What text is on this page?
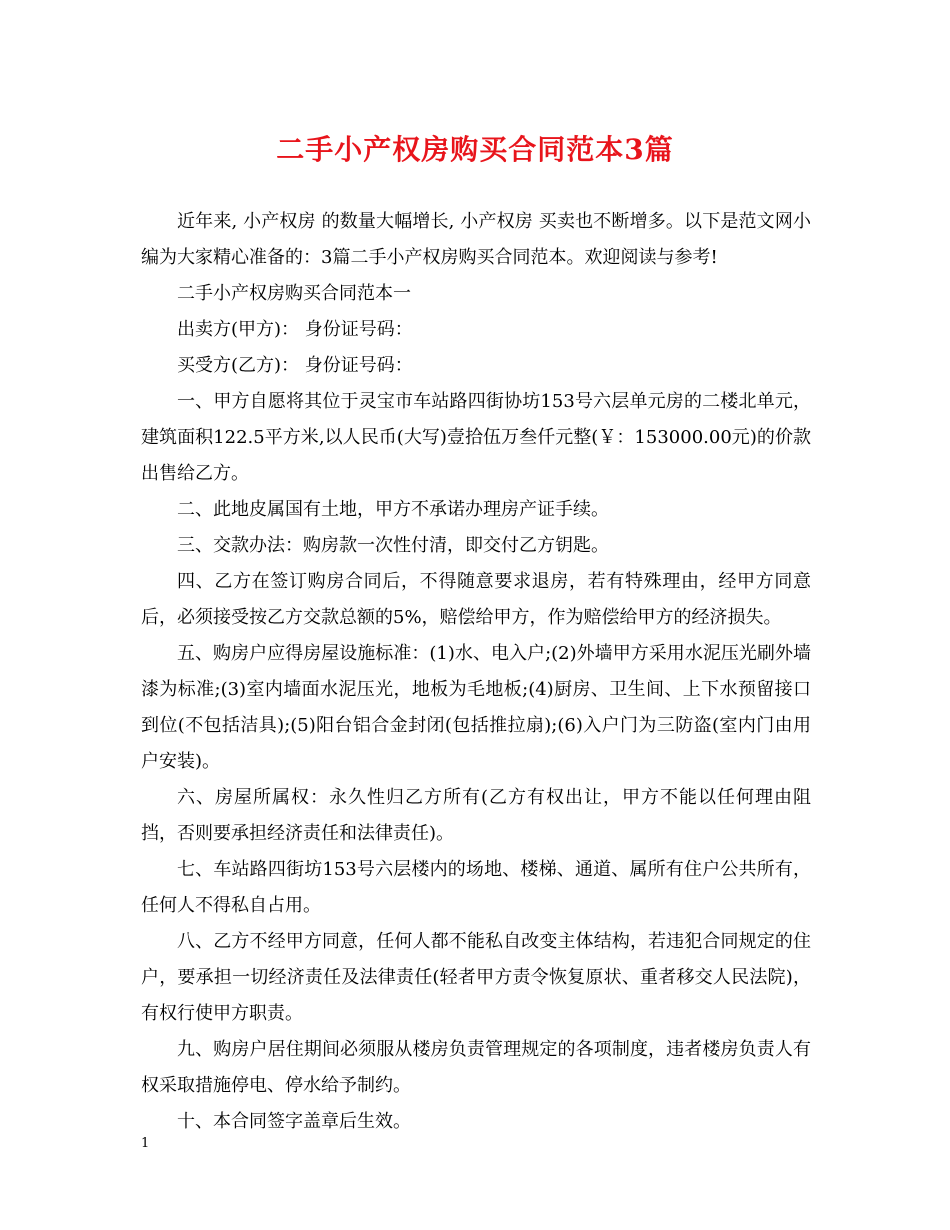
二手小产权房购买合同范本3篇

近年来, 小产权房 的数量大幅增长, 小产权房 买卖也不断增多。以下是范文网小编为大家精心准备的：3篇二手小产权房购买合同范本。欢迎阅读与参考!

二手小产权房购买合同范本一

出卖方(甲方)： 身份证号码：

买受方(乙方)： 身份证号码：

一、甲方自愿将其位于灵宝市车站路四街协坊153号六层单元房的二楼北单元，建筑面积122.5平方米,以人民币(大写)壹拾伍万叁仟元整(￥：153000.00元)的价款出售给乙方。

二、此地皮属国有土地，甲方不承诺办理房产证手续。

三、交款办法：购房款一次性付清，即交付乙方钥匙。

四、乙方在签订购房合同后，不得随意要求退房，若有特殊理由，经甲方同意后，必须接受按乙方交款总额的5%，赔偿给甲方，作为赔偿给甲方的经济损失。

五、购房户应得房屋设施标准：(1)水、电入户;(2)外墙甲方采用水泥压光刷外墙漆为标准;(3)室内墙面水泥压光，地板为毛地板;(4)厨房、卫生间、上下水预留接口到位(不包括洁具);(5)阳台铝合金封闭(包括推拉扇);(6)入户门为三防盗(室内门由用户安装)。

六、房屋所属权：永久性归乙方所有(乙方有权出让，甲方不能以任何理由阻挡，否则要承担经济责任和法律责任)。

七、车站路四街坊153号六层楼内的场地、楼梯、通道、属所有住户公共所有，任何人不得私自占用。

八、乙方不经甲方同意，任何人都不能私自改变主体结构，若违犯合同规定的住户，要承担一切经济责任及法律责任(轻者甲方责令恢复原状、重者移交人民法院)，有权行使甲方职责。

九、购房户居住期间必须服从楼房负责管理规定的各项制度，违者楼房负责人有权采取措施停电、停水给予制约。

十、本合同签字盖章后生效。

1
